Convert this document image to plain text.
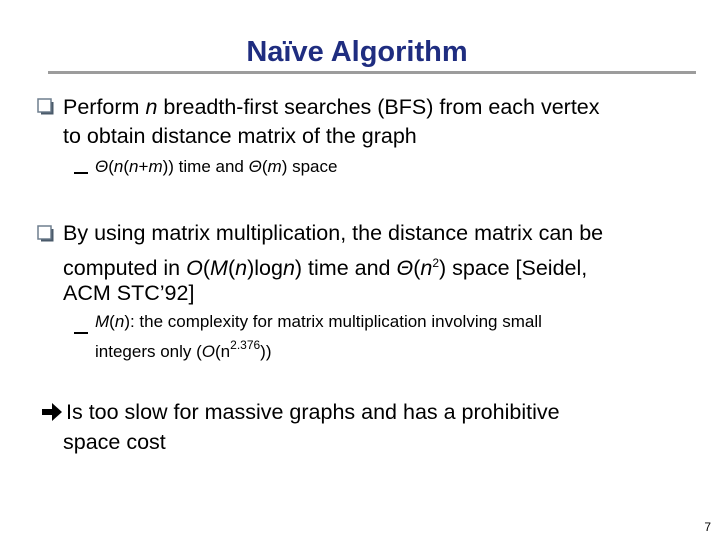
Naïve Algorithm
Perform n breadth-first searches (BFS) from each vertex
to obtain distance matrix of the graph
Θ(n(n+m)) time and Θ(m) space
By using matrix multiplication, the distance matrix can be
computed in O(M(n)logn) time and $\Theta(n^2)$ space [Seidel,
ACM STC’92]
M(n): the complexity for matrix multiplication involving small
integers only $(O(n^{2.376}))$
Is too slow for massive graphs and has a prohibitive
space cost
7
